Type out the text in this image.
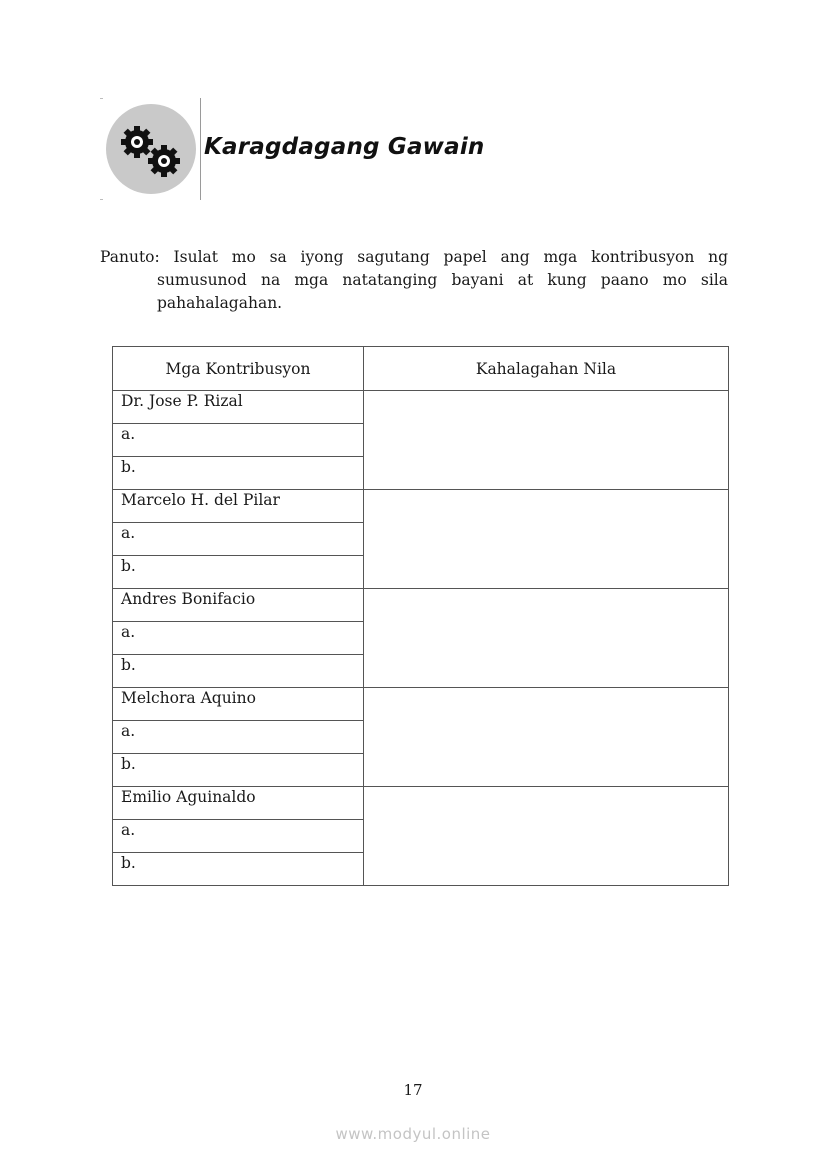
Karagdagang Gawain
Panuto: Isulat mo sa iyong sagutang papel ang mga kontribusyon ng
sumusunod na mga natatanging bayani at kung paano mo sila pahahalagahan.
Mga Kontribusyon	Kahalagahan Nila
Dr. Jose P. Rizal	
a.	
b.	
Marcelo H. del Pilar	
a.	
b.	
Andres Bonifacio	
a.	
b.	
Melchora Aquino	
a.	
b.	
Emilio Aguinaldo	
a.	
b.	
17
www.modyul.online
